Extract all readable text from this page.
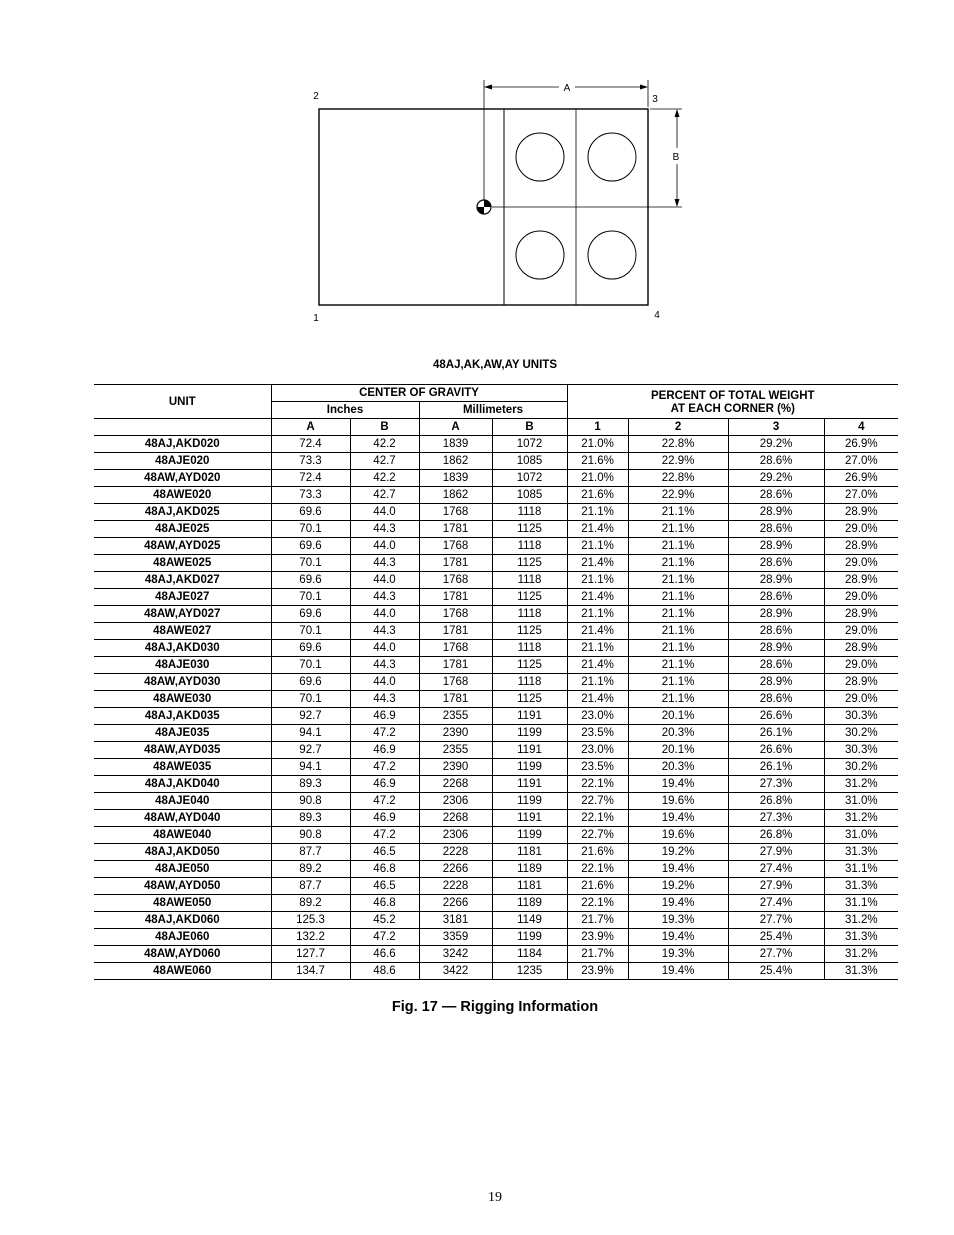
A
B
1
2	3
4
48AJ,AK,AW,AY UNITS
UNIT	CENTER OF GRAVITY				PERCENT OF TOTAL WEIGHT
AT EACH CORNER (%)			
	Inches		Millimeters					
	A	B	A	B	1	2	3	4
48AJ,AKD020	72.4	42.2	1839	1072	21.0%	22.8%	29.2%	26.9%
48AJE020	73.3	42.7	1862	1085	21.6%	22.9%	28.6%	27.0%
48AW,AYD020	72.4	42.2	1839	1072	21.0%	22.8%	29.2%	26.9%
48AWE020	73.3	42.7	1862	1085	21.6%	22.9%	28.6%	27.0%
48AJ,AKD025	69.6	44.0	1768	1118	21.1%	21.1%	28.9%	28.9%
48AJE025	70.1	44.3	1781	1125	21.4%	21.1%	28.6%	29.0%
48AW,AYD025	69.6	44.0	1768	1118	21.1%	21.1%	28.9%	28.9%
48AWE025	70.1	44.3	1781	1125	21.4%	21.1%	28.6%	29.0%
48AJ,AKD027	69.6	44.0	1768	1118	21.1%	21.1%	28.9%	28.9%
48AJE027	70.1	44.3	1781	1125	21.4%	21.1%	28.6%	29.0%
48AW,AYD027	69.6	44.0	1768	1118	21.1%	21.1%	28.9%	28.9%
48AWE027	70.1	44.3	1781	1125	21.4%	21.1%	28.6%	29.0%
48AJ,AKD030	69.6	44.0	1768	1118	21.1%	21.1%	28.9%	28.9%
48AJE030	70.1	44.3	1781	1125	21.4%	21.1%	28.6%	29.0%
48AW,AYD030	69.6	44.0	1768	1118	21.1%	21.1%	28.9%	28.9%
48AWE030	70.1	44.3	1781	1125	21.4%	21.1%	28.6%	29.0%
48AJ,AKD035	92.7	46.9	2355	1191	23.0%	20.1%	26.6%	30.3%
48AJE035	94.1	47.2	2390	1199	23.5%	20.3%	26.1%	30.2%
48AW,AYD035	92.7	46.9	2355	1191	23.0%	20.1%	26.6%	30.3%
48AWE035	94.1	47.2	2390	1199	23.5%	20.3%	26.1%	30.2%
48AJ,AKD040	89.3	46.9	2268	1191	22.1%	19.4%	27.3%	31.2%
48AJE040	90.8	47.2	2306	1199	22.7%	19.6%	26.8%	31.0%
48AW,AYD040	89.3	46.9	2268	1191	22.1%	19.4%	27.3%	31.2%
48AWE040	90.8	47.2	2306	1199	22.7%	19.6%	26.8%	31.0%
48AJ,AKD050	87.7	46.5	2228	1181	21.6%	19.2%	27.9%	31.3%
48AJE050	89.2	46.8	2266	1189	22.1%	19.4%	27.4%	31.1%
48AW,AYD050	87.7	46.5	2228	1181	21.6%	19.2%	27.9%	31.3%
48AWE050	89.2	46.8	2266	1189	22.1%	19.4%	27.4%	31.1%
48AJ,AKD060	125.3	45.2	3181	1149	21.7%	19.3%	27.7%	31.2%
48AJE060	132.2	47.2	3359	1199	23.9%	19.4%	25.4%	31.3%
48AW,AYD060	127.7	46.6	3242	1184	21.7%	19.3%	27.7%	31.2%
48AWE060	134.7	48.6	3422	1235	23.9%	19.4%	25.4%	31.3%
Fig. 17 — Rigging Information
19
